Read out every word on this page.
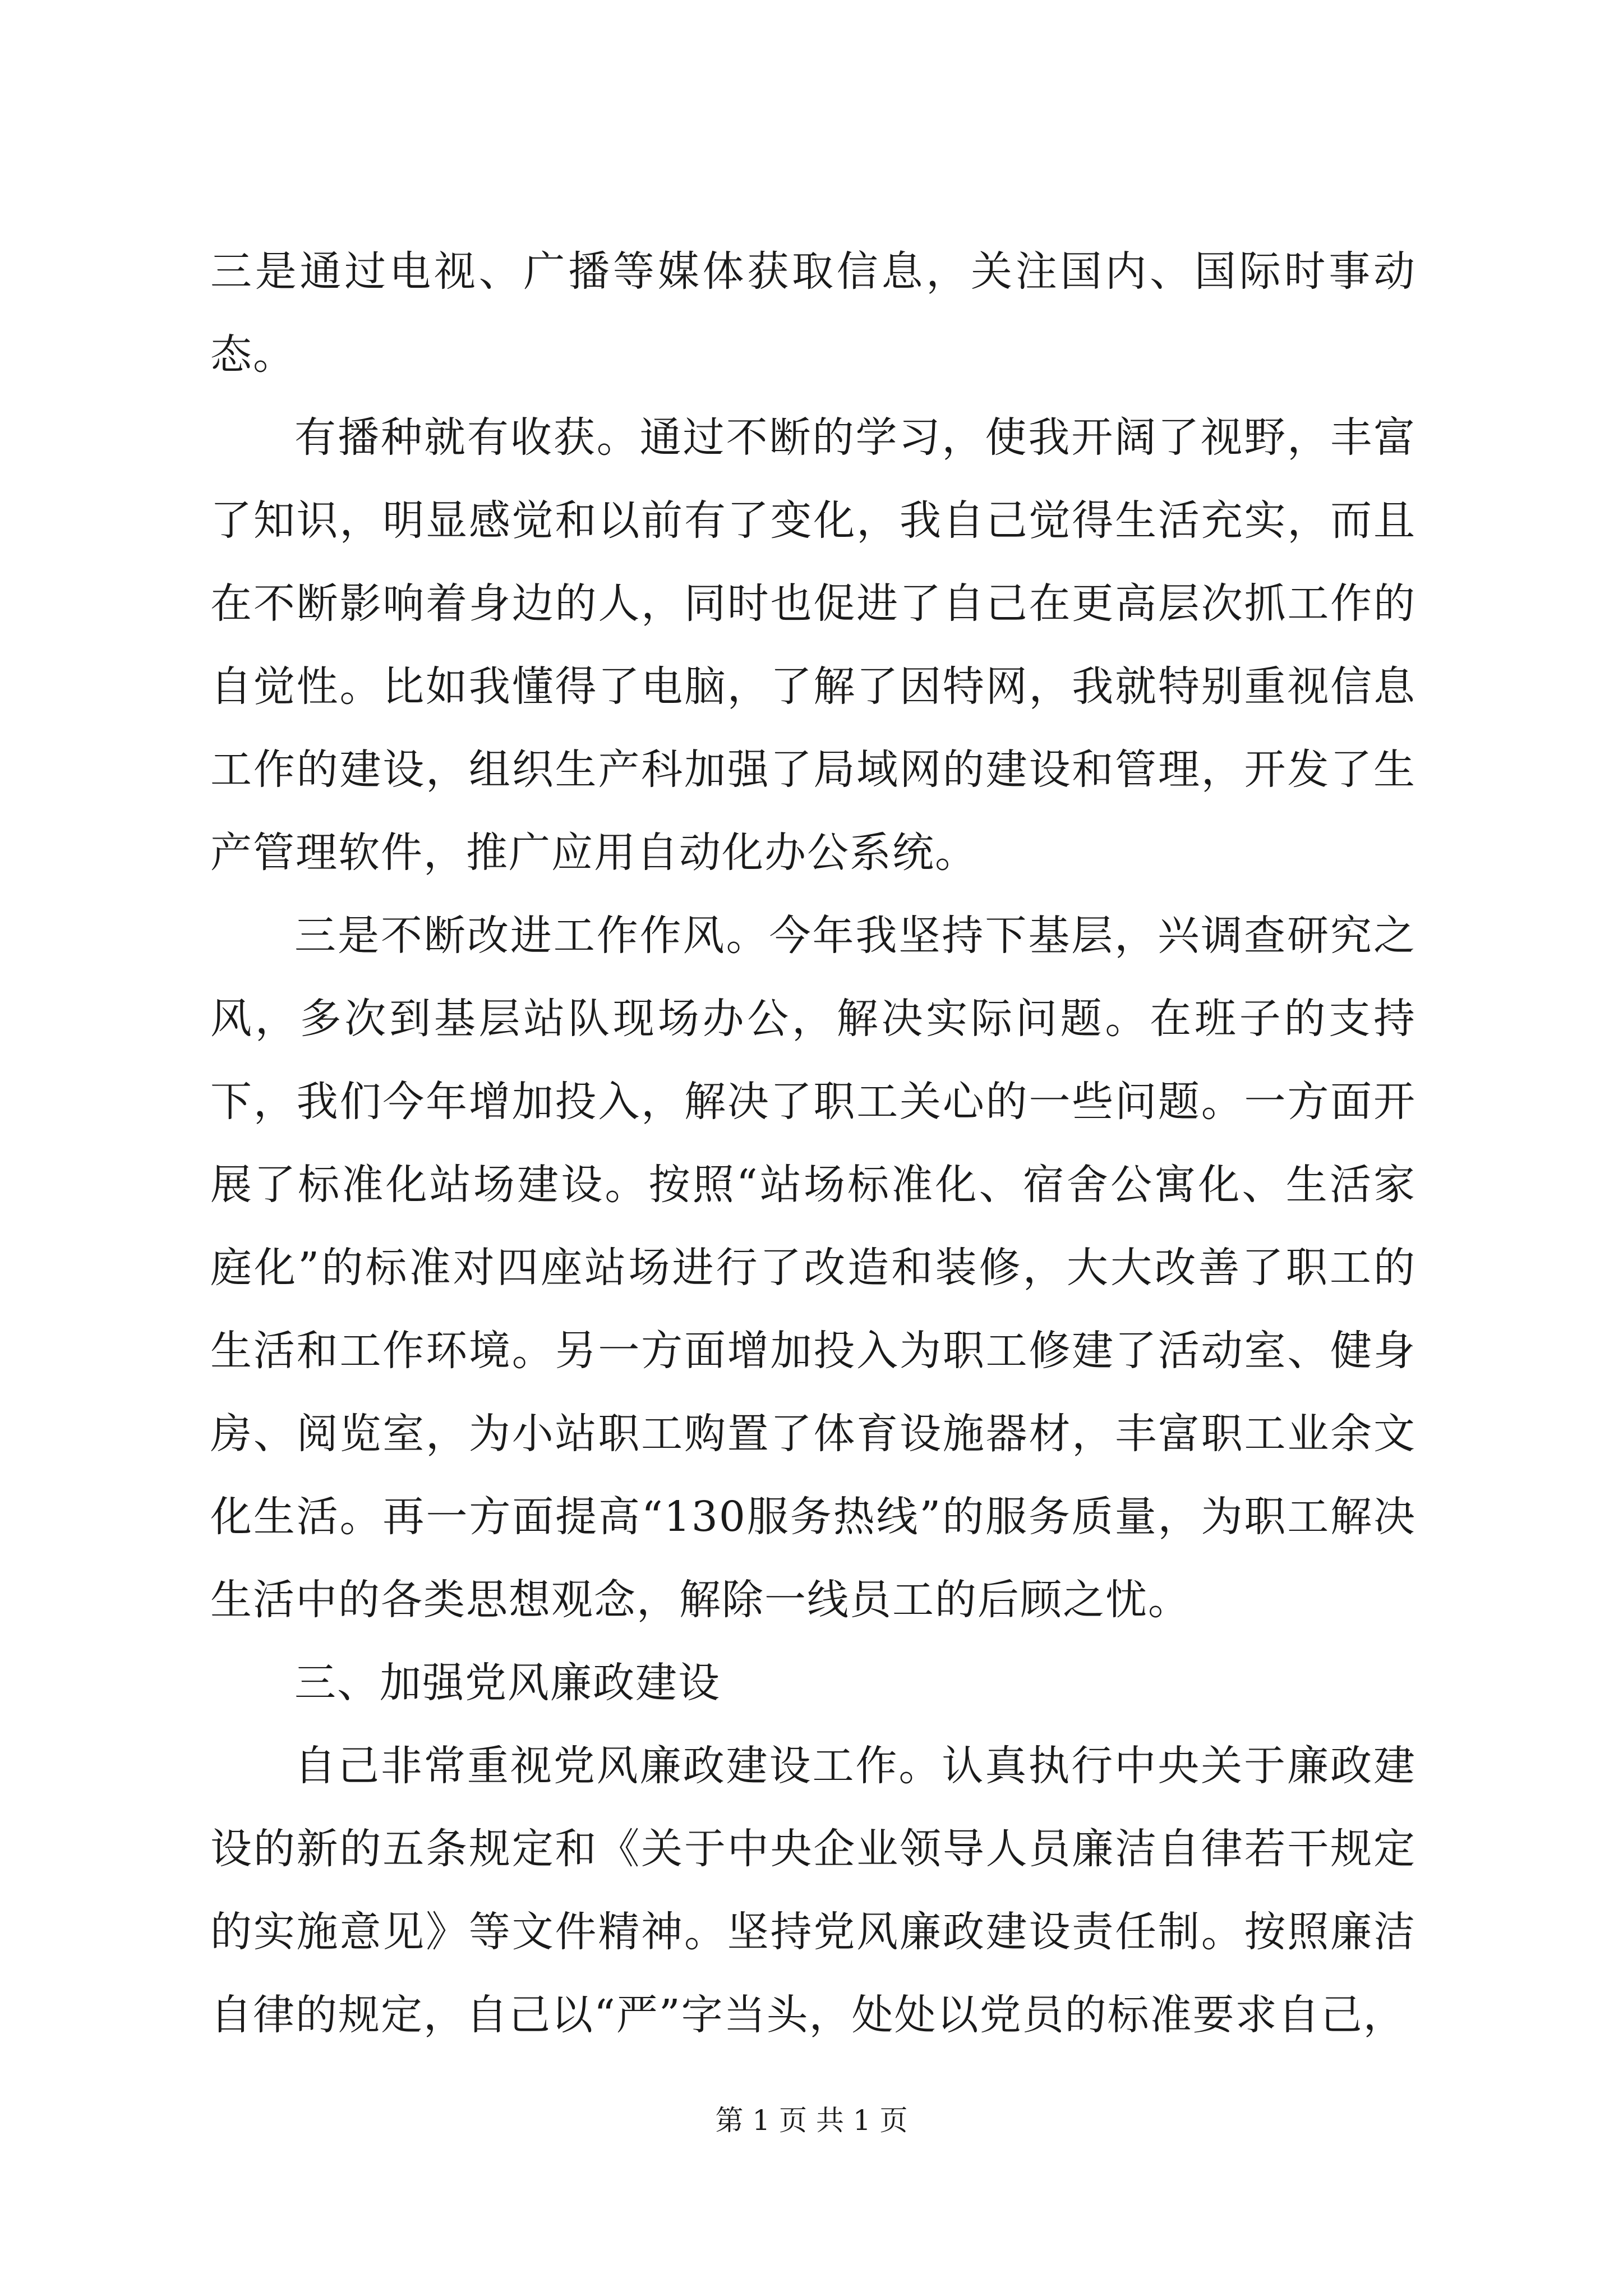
三是通过电视、广播等媒体获取信息，关注国内、国际时事动态。

有播种就有收获。通过不断的学习，使我开阔了视野，丰富了知识，明显感觉和以前有了变化，我自己觉得生活充实，而且在不断影响着身边的人，同时也促进了自己在更高层次抓工作的自觉性。比如我懂得了电脑，了解了因特网，我就特别重视信息工作的建设，组织生产科加强了局域网的建设和管理，开发了生产管理软件，推广应用自动化办公系统。

三是不断改进工作作风。今年我坚持下基层，兴调查研究之风，多次到基层站队现场办公，解决实际问题。在班子的支持下，我们今年增加投入，解决了职工关心的一些问题。一方面开展了标准化站场建设。按照“站场标准化、宿舍公寓化、生活家庭化”的标准对四座站场进行了改造和装修，大大改善了职工的生活和工作环境。另一方面增加投入为职工修建了活动室、健身房、阅览室，为小站职工购置了体育设施器材，丰富职工业余文化生活。再一方面提高“130服务热线”的服务质量，为职工解决生活中的各类思想观念，解除一线员工的后顾之忧。

三、加强党风廉政建设

自己非常重视党风廉政建设工作。认真执行中央关于廉政建设的新的五条规定和《关于中央企业领导人员廉洁自律若干规定的实施意见》等文件精神。坚持党风廉政建设责任制。按照廉洁自律的规定，自己以“严”字当头，处处以党员的标准要求自己，

第 1 页 共 1 页
